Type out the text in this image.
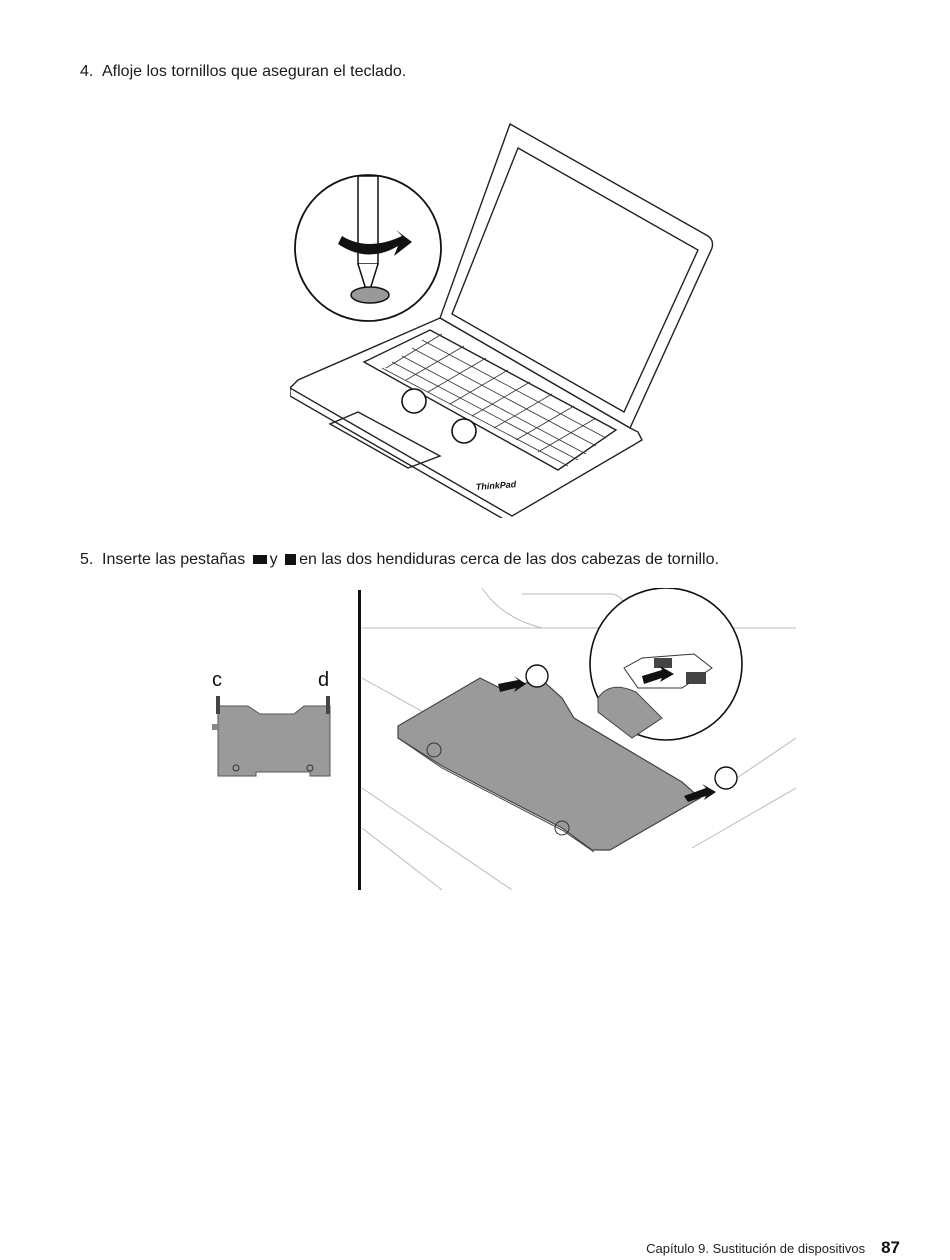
4. Afloje los tornillos que aseguran el teclado.
ThinkPad
5. Inserte las pestañas y en las dos hendiduras cerca de las dos cabezas de tornillo.
c	d
Capítulo 9. Sustitución de dispositivos 87
